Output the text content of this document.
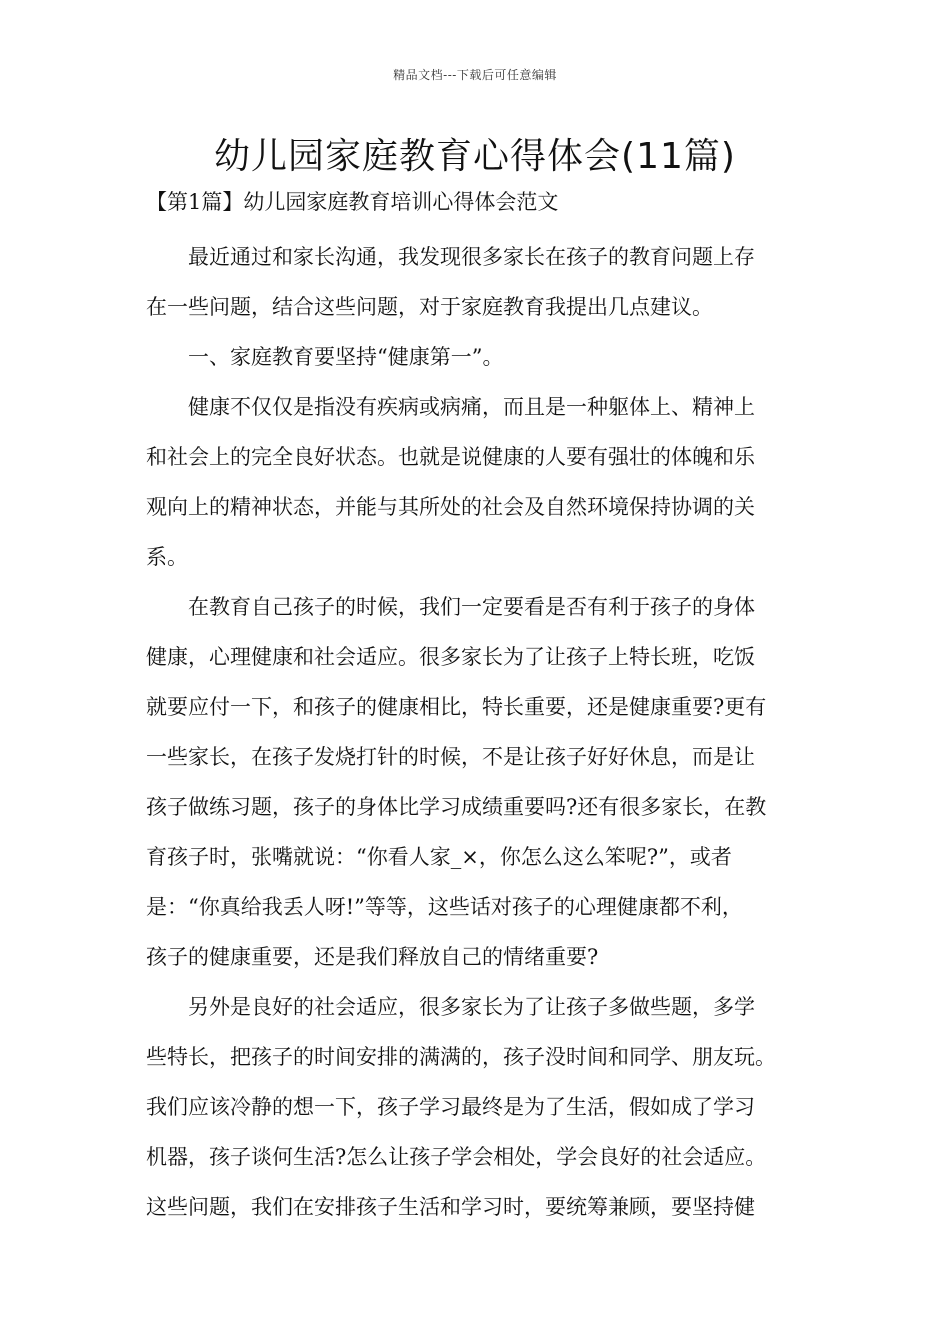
精品文档---下载后可任意编辑
幼儿园家庭教育心得体会(11篇)
【第1篇】幼儿园家庭教育培训心得体会范文

最近通过和家长沟通，我发现很多家长在孩子的教育问题上存

在一些问题，结合这些问题，对于家庭教育我提出几点建议。

一、家庭教育要坚持“健康第一”。

健康不仅仅是指没有疾病或病痛，而且是一种躯体上、精神上

和社会上的完全良好状态。也就是说健康的人要有强壮的体魄和乐

观向上的精神状态，并能与其所处的社会及自然环境保持协调的关

系。

在教育自己孩子的时候，我们一定要看是否有利于孩子的身体

健康，心理健康和社会适应。很多家长为了让孩子上特长班，吃饭

就要应付一下，和孩子的健康相比，特长重要，还是健康重要?更有

一些家长，在孩子发烧打针的时候，不是让孩子好好休息，而是让

孩子做练习题，孩子的身体比学习成绩重要吗?还有很多家长，在教

育孩子时，张嘴就说：“你看人家_×，你怎么这么笨呢?”，或者

是：“你真给我丢人呀!”等等，这些话对孩子的心理健康都不利，

孩子的健康重要，还是我们释放自己的情绪重要?

另外是良好的社会适应，很多家长为了让孩子多做些题，多学

些特长，把孩子的时间安排的满满的，孩子没时间和同学、朋友玩。

我们应该冷静的想一下，孩子学习最终是为了生活，假如成了学习

机器，孩子谈何生活?怎么让孩子学会相处，学会良好的社会适应。

这些问题，我们在安排孩子生活和学习时，要统筹兼顾，要坚持健
